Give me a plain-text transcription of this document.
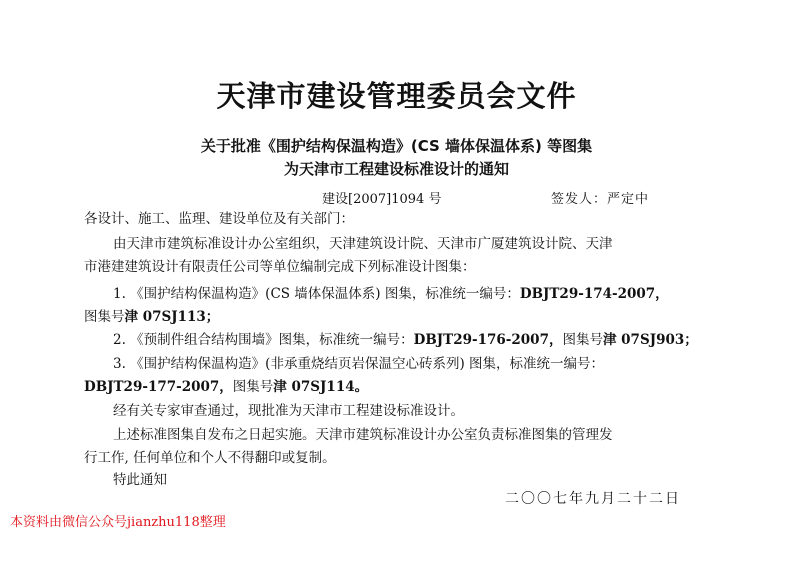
天津市建设管理委员会文件
关于批准《围护结构保温构造》(CS 墙体保温体系) 等图集
为天津市工程建设标准设计的通知
建设[2007]1094 号	签发人：严定中
各设计、施工、监理、建设单位及有关部门：
由天津市建筑标准设计办公室组织，天津建筑设计院、天津市广厦建筑设计院、天津
市港建建筑设计有限责任公司等单位编制完成下列标准设计图集：
1. 《围护结构保温构造》(CS 墙体保温体系) 图集，标准统一编号：DBJT29-174-2007，
图集号津 07SJ113；
2. 《预制件组合结构围墙》图集，标准统一编号：DBJT29-176-2007，图集号津 07SJ903；
3. 《围护结构保温构造》(非承重烧结页岩保温空心砖系列) 图集，标准统一编号：
DBJT29-177-2007，图集号津 07SJ114。
经有关专家审查通过，现批准为天津市工程建设标准设计。
上述标准图集自发布之日起实施。天津市建筑标准设计办公室负责标准图集的管理发
行工作, 任何单位和个人不得翻印或复制。
特此通知
二〇〇七年九月二十二日
本资料由微信公众号jianzhu118整理
